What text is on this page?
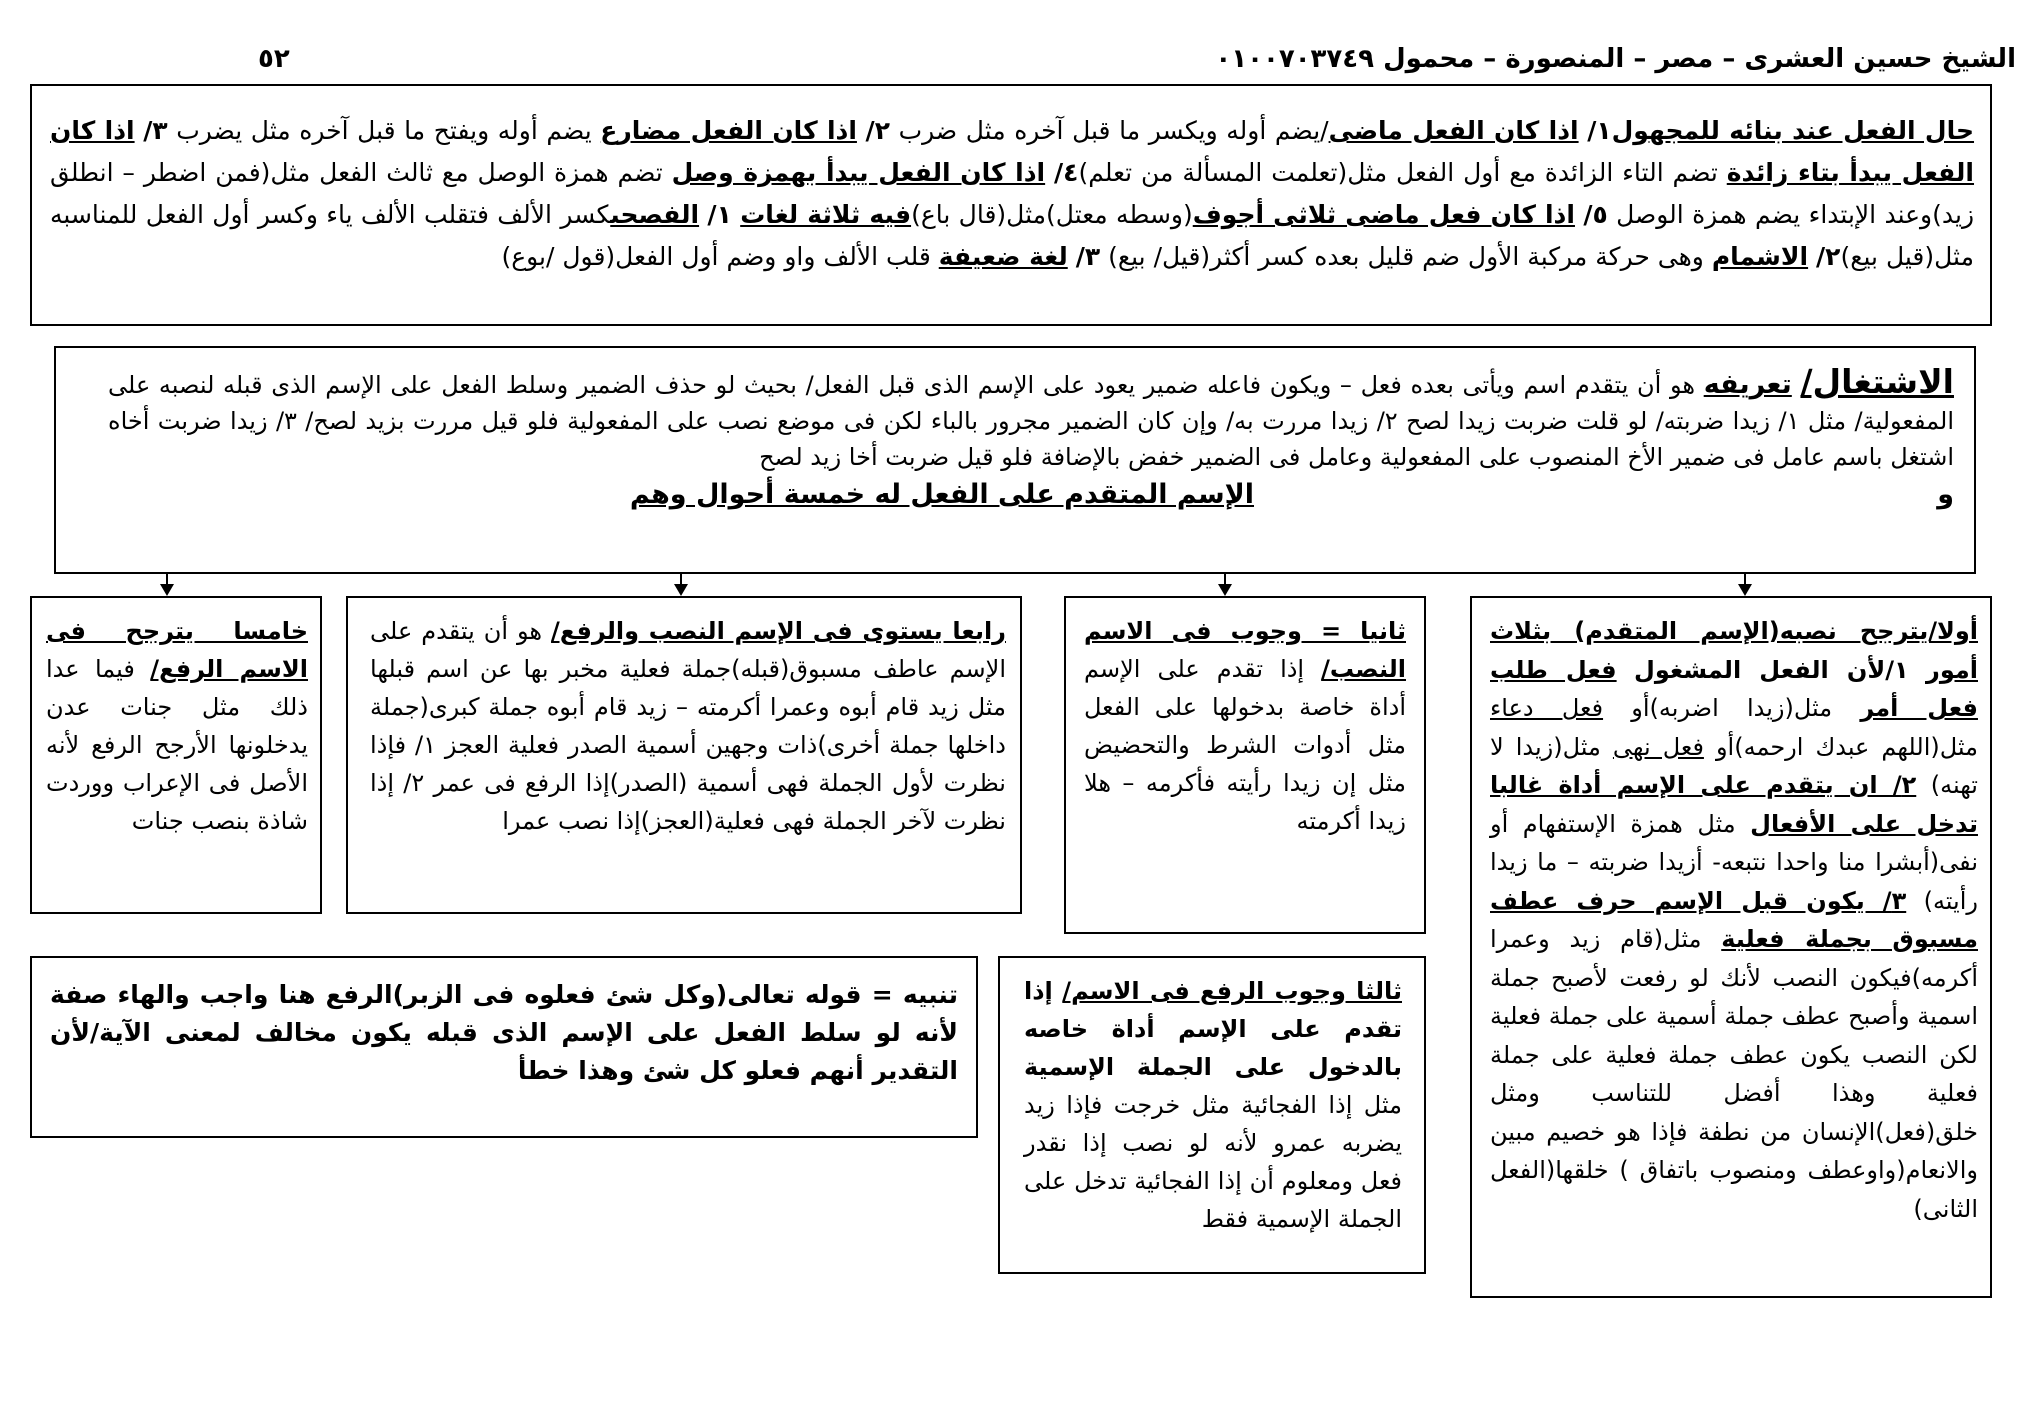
الشيخ حسين العشرى – مصر – المنصورة – محمول ٠١٠٠٧٠٣٧٤٩
٥٢

حال الفعل عند بنائه للمجهول١/ اذا كان الفعل ماضى/يضم أوله ويكسر ما قبل آخره مثل ضرب ٢/ اذا كان الفعل مضارع يضم أوله ويفتح ما قبل آخره مثل يضرب ٣/ اذا كان الفعل يبدأ بتاء زائدة تضم التاء الزائدة مع أول الفعل مثل(تعلمت المسألة من تعلم)٤/ اذا كان الفعل يبدأ بهمزة وصل تضم همزة الوصل مع ثالث الفعل مثل(فمن اضطر – انطلق زيد)وعند الإبتداء يضم همزة الوصل ٥/ اذا كان فعل ماضى ثلاثى أجوف(وسطه معتل)مثل(قال باع)فيه ثلاثة لغات ١/ الفصحىكسر الألف فتقلب الألف ياء وكسر أول الفعل للمناسبه مثل(قيل بيع)٢/ الاشمام وهى حركة مركبة الأول ضم قليل بعده كسر أكثر(قيل/ بيع) ٣/ لغة ضعيفة قلب الألف واو وضم أول الفعل(قول /بوع)

الاشتغال/ تعريفه هو أن يتقدم اسم ويأتى بعده فعل – ويكون فاعله ضمير يعود على الإسم الذى قبل الفعل/ بحيث لو حذف الضمير وسلط الفعل على الإسم الذى قبله لنصبه على المفعولية/ مثل ١/ زيدا ضربته/ لو قلت ضربت زيدا لصح ٢/ زيدا مررت به/ وإن كان الضمير مجرور بالباء لكن فى موضع نصب على المفعولية فلو قيل مررت بزيد لصح/ ٣/ زيدا ضربت أخاه اشتغل باسم عامل فى ضمير الأخ المنصوب على المفعولية وعامل فى الضمير خفض بالإضافة فلو قيل ضربت أخا زيد لصح

و
الإسم المتقدم على الفعل له خمسة أحوال وهم

أولا/يترجح نصبه(الإسم المتقدم) بثلاث أمور ١/لأن الفعل المشغول فعل طلب فعل أمر مثل(زيدا اضربه)أو فعل دعاء مثل(اللهم عبدك ارحمه)أو فعل نهى مثل(زيدا لا تهنه) ٢/ ان يتقدم على الإسم أداة غالبا تدخل على الأفعال مثل همزة الإستفهام أو نفى(أبشرا منا واحدا نتبعه- أزيدا ضربته – ما زيدا رأيته) ٣/ يكون قبل الإسم حرف عطف مسبوق بجملة فعلية مثل(قام زيد وعمرا أكرمه)فيكون النصب لأنك لو رفعت لأصبح جملة اسمية وأصبح عطف جملة أسمية على جملة فعلية لكن النصب يكون عطف جملة فعلية على جملة فعلية وهذا أفضل للتناسب ومثل خلق(فعل)الإنسان من نطفة فإذا هو خصيم مبين والانعام(واوعطف ومنصوب باتفاق ) خلقها(الفعل الثانى)

ثانيا = وجوب فى الاسم النصب/ إذا تقدم على الإسم أداة خاصة بدخولها على الفعل مثل أدوات الشرط والتحضيض مثل إن زيدا رأيته فأكرمه – هلا زيدا أكرمته

رابعا يستوى فى الإسم النصب والرفع/ هو أن يتقدم على الإسم عاطف مسبوق(قبله)جملة فعلية مخبر بها عن اسم قبلها مثل زيد قام أبوه وعمرا أكرمته – زيد قام أبوه جملة كبرى(جملة داخلها جملة أخرى)ذات وجهين أسمية الصدر فعلية العجز ١/ فإذا نظرت لأول الجملة فهى أسمية (الصدر)إذا الرفع فى عمر ٢/ إذا نظرت لآخر الجملة فهى فعلية(العجز)إذا نصب عمرا

خامسا يترجح فى الاسم الرفع/ فيما عدا ذلك مثل جنات عدن يدخلونها الأرجح الرفع لأنه الأصل فى الإعراب ووردت شاذة بنصب جنات

ثالثا وجوب الرفع فى الاسم/ إذا تقدم على الإسم أداة خاصه بالدخول على الجملة الإسمية مثل إذا الفجائية مثل خرجت فإذا زيد يضربه عمرو لأنه لو نصب إذا نقدر فعل ومعلوم أن إذا الفجائية تدخل على الجملة الإسمية فقط

تنبيه = قوله تعالى(وكل شئ فعلوه فى الزبر)الرفع هنا واجب والهاء صفة لأنه لو سلط الفعل على الإسم الذى قبله يكون مخالف لمعنى الآية/لأن التقدير أنهم فعلو كل شئ وهذا خطأ
